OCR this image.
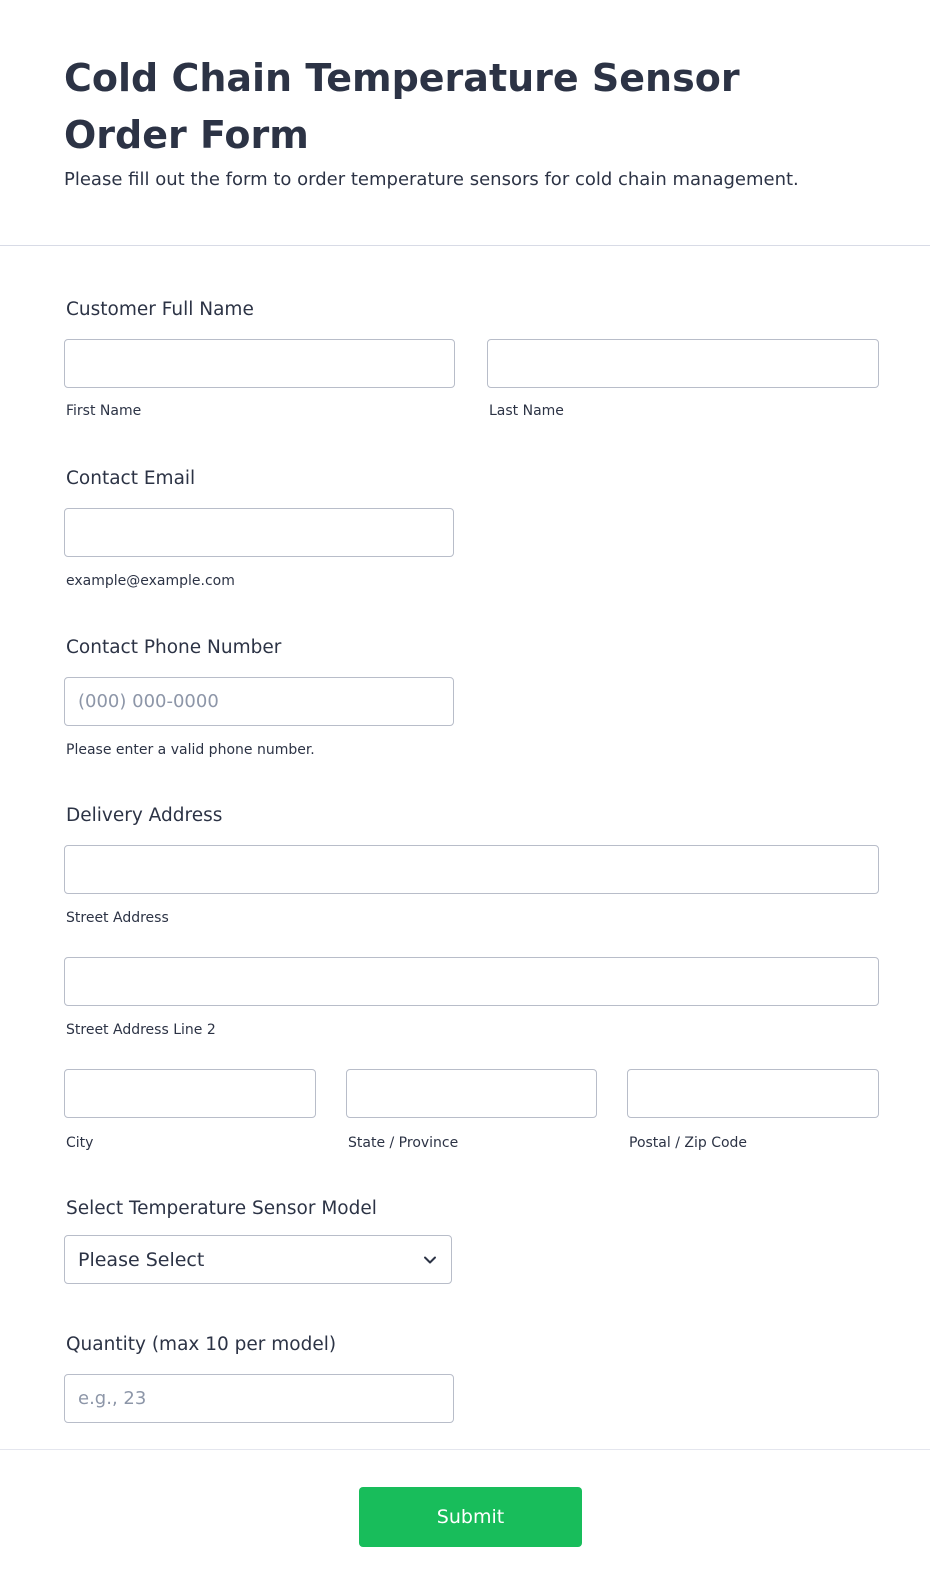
Cold Chain Temperature Sensor Order Form

Please fill out the form to order temperature sensors for cold chain management.

Customer Full Name
First Name	Last Name
Contact Email
example@example.com
Contact Phone Number
(000) 000-0000
Please enter a valid phone number.
Delivery Address
Street Address
Street Address Line 2
City	State / Province	Postal / Zip Code
Select Temperature Sensor Model
Please Select
Quantity (max 10 per model)
e.g., 23
Submit
